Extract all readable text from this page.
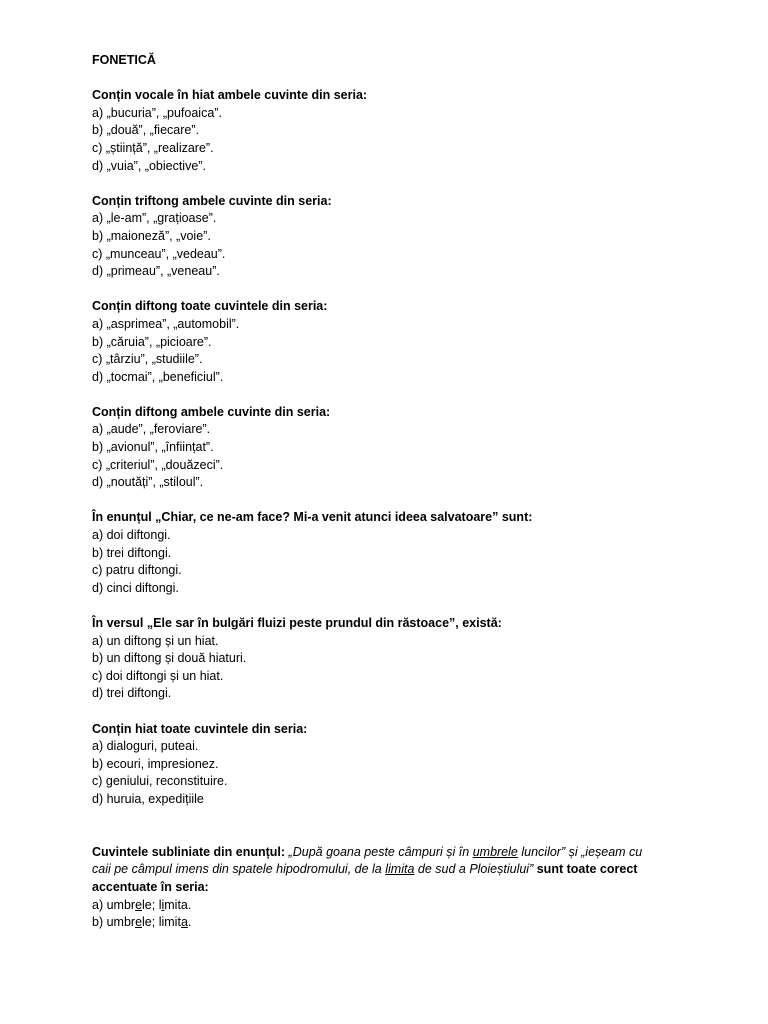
FONETICĂ
Conțin vocale în hiat ambele cuvinte din seria:
a) „bucuria”, „pufoaica”.
b) „două”, „fiecare”.
c) „știință”, „realizare”.
d) „vuia”, „obiective”.
Conțin triftong ambele cuvinte din seria:
a) „le-am”, „grațioase”.
b) „maioneză”, „voie”.
c) „munceau”, „vedeau”.
d) „primeau”, „veneau”.
Conțin diftong toate cuvintele din seria:
a) „asprimea”, „automobil”.
b) „căruia”, „picioare”.
c) „târziu”, „studiile”.
d) „tocmai”, „beneficiul”.
Conțin diftong ambele cuvinte din seria:
a) „aude”, „feroviare”.
b) „avionul”, „înființat”.
c) „criteriul”, „douăzeci”.
d) „noutăți”, „stiloul”.
În enunțul „Chiar, ce ne-am face? Mi-a venit atunci ideea salvatoare” sunt:
a) doi diftongi.
b) trei diftongi.
c) patru diftongi.
d) cinci diftongi.
În versul „Ele sar în bulgări fluizi peste prundul din răstoace”, există:
a) un diftong și un hiat.
b) un diftong și două hiaturi.
c) doi diftongi și un hiat.
d) trei diftongi.
Conțin hiat toate cuvintele din seria:
a) dialoguri, puteai.
b) ecouri, impresionez.
c) geniului, reconstituire.
d) huruia, expedițiile
Cuvintele subliniate din enunțul: „După goana peste câmpuri și în umbrele luncilor” și „ieșeam cu
caii pe câmpul imens din spatele hipodromului, de la limita de sud a Ploieștiului” sunt toate corect
accentuate în seria:
a) umbrele; limita.
b) umbrele; limita.
